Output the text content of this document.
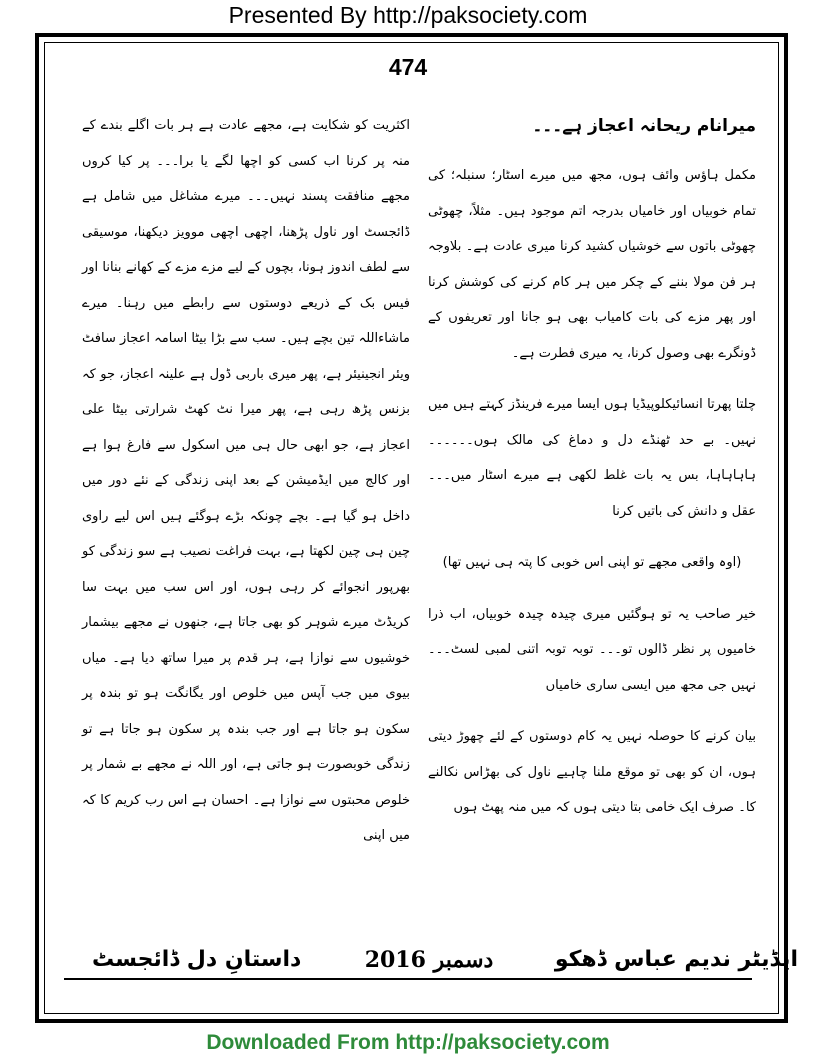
Presented By http://paksociety.com
474

میرانام ریحانہ اعجاز ہے۔۔۔

مکمل ہاؤس وائف ہوں، مجھ میں میرے اسٹار؛ سنبلہ؛ کی تمام خوبیاں اور خامیاں بدرجہ اتم موجود ہیں۔ مثلاً، چھوٹی چھوٹی باتوں سے خوشیاں کشید کرنا میری عادت ہے۔ بلاوجہ ہر فن مولا بننے کے چکر میں ہر کام کرنے کی کوشش کرنا اور پھر مزے کی بات کامیاب بھی ہو جانا اور تعریفوں کے ڈونگرے بھی وصول کرنا، یہ میری فطرت ہے۔

چلتا پھرتا انسائیکلوپیڈیا ہوں ایسا میرے فرینڈز کہتے ہیں میں نہیں۔ بے حد ٹھنڈے دل و دماغ کی مالک ہوں۔۔۔۔۔۔ ہاہاہاہا، بس یہ بات غلط لکھی ہے میرے اسٹار میں۔۔۔ عقل و دانش کی باتیں کرنا

(اوہ واقعی مجھے تو اپنی اس خوبی کا پتہ ہی نہیں تھا)

خیر صاحب یہ تو ہوگئیں میری چیدہ چیدہ خوبیاں، اب ذرا خامیوں پر نظر ڈالوں تو۔۔۔ توبہ توبہ اتنی لمبی لسٹ۔۔۔ نہیں جی مجھ میں ایسی ساری خامیاں

بیان کرنے کا حوصلہ نہیں یہ کام دوستوں کے لئے چھوڑ دیتی ہوں، ان کو بھی تو موقع ملنا چاہیے ناول کی بھڑاس نکالنے کا۔ صرف ایک خامی بتا دیتی ہوں کہ میں منہ پھٹ ہوں

اکثریت کو شکایت ہے، مجھے عادت ہے ہر بات اگلے بندے کے منہ پر کرنا اب کسی کو اچھا لگے یا برا۔۔۔ پر کیا کروں مجھے منافقت پسند نہیں۔۔۔ میرے مشاغل میں شامل ہے ڈائجسٹ اور ناول پڑھنا، اچھی اچھی موویز دیکھنا، موسیقی سے لطف اندوز ہونا، بچوں کے لیے مزے مزے کے کھانے بنانا اور فیس بک کے ذریعے دوستوں سے رابطے میں رہنا۔ میرے ماشاءاللہ تین بچے ہیں۔ سب سے بڑا بیٹا اسامہ اعجاز سافٹ ویئر انجینیئر ہے، پھر میری باربی ڈول ہے علینہ اعجاز، جو کہ بزنس پڑھ رہی ہے، پھر میرا نٹ کھٹ شرارتی بیٹا علی اعجاز ہے، جو ابھی حال ہی میں اسکول سے فارغ ہوا ہے اور کالج میں ایڈمیشن کے بعد اپنی زندگی کے نئے دور میں داخل ہو گیا ہے۔ بچے چونکہ بڑے ہوگئے ہیں اس لیے راوی چین ہی چین لکھتا ہے، بہت فراغت نصیب ہے سو زندگی کو بھرپور انجوائے کر رہی ہوں، اور اس سب میں بہت سا کریڈٹ میرے شوہر کو بھی جاتا ہے، جنھوں نے مجھے بیشمار خوشیوں سے نوازا ہے، ہر قدم پر میرا ساتھ دیا ہے۔ میاں بیوی میں جب آپس میں خلوص اور یگانگت ہو تو بندہ پر سکون ہو جاتا ہے اور جب بندہ پر سکون ہو جاتا ہے تو زندگی خوبصورت ہو جاتی ہے، اور اللہ نے مجھے بے شمار پر خلوص محبتوں سے نوازا ہے۔ احسان ہے اس رب کریم کا کہ میں اپنی

ایڈیٹر ندیم عباس ڈھکو
دسمبر 2016
داستانِ دل ڈائجسٹ
Downloaded From http://paksociety.com
